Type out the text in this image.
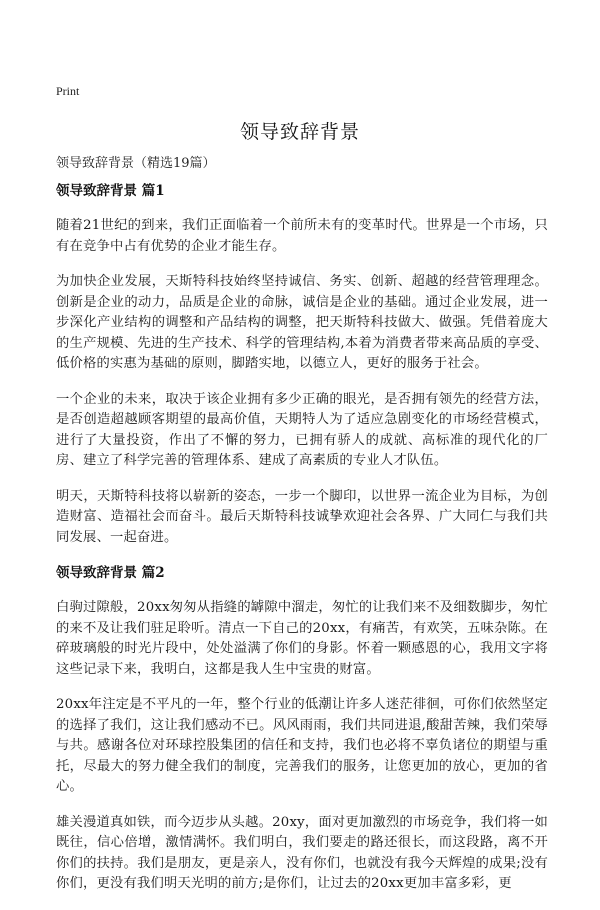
Print
领导致辞背景
领导致辞背景（精选19篇）
领导致辞背景 篇1

随着21世纪的到来，我们正面临着一个前所未有的变革时代。世界是一个市场，只有在竞争中占有优势的企业才能生存。

为加快企业发展，天斯特科技始终坚持诚信、务实、创新、超越的经营管理理念。创新是企业的动力，品质是企业的命脉，诚信是企业的基础。通过企业发展，进一步深化产业结构的调整和产品结构的调整，把天斯特科技做大、做强。凭借着庞大的生产规模、先进的生产技术、科学的管理结构,本着为消费者带来高品质的享受、低价格的实惠为基础的原则，脚踏实地，以德立人，更好的服务于社会。

一个企业的未来，取决于该企业拥有多少正确的眼光，是否拥有领先的经营方法，是否创造超越顾客期望的最高价值，天期特人为了适应急剧变化的市场经营模式，进行了大量投资，作出了不懈的努力，已拥有骄人的成就、高标准的现代化的厂房、建立了科学完善的管理体系、建成了高素质的专业人才队伍。

明天，天斯特科技将以崭新的姿态，一步一个脚印，以世界一流企业为目标，为创造财富、造福社会而奋斗。最后天斯特科技诚挚欢迎社会各界、广大同仁与我们共同发展、一起奋进。

领导致辞背景 篇2

白驹过隙般，20xx匆匆从指缝的罅隙中溜走，匆忙的让我们来不及细数脚步，匆忙的来不及让我们驻足聆听。清点一下自己的20xx，有痛苦，有欢笑，五味杂陈。在碎玻璃般的时光片段中，处处溢满了你们的身影。怀着一颗感恩的心，我用文字将这些记录下来，我明白，这都是我人生中宝贵的财富。

20xx年注定是不平凡的一年，整个行业的低潮让许多人迷茫徘徊，可你们依然坚定的选择了我们，这让我们感动不已。风风雨雨，我们共同进退,酸甜苦辣，我们荣辱与共。感谢各位对环球控股集团的信任和支持，我们也必将不辜负诸位的期望与重托，尽最大的努力健全我们的制度，完善我们的服务，让您更加的放心，更加的省心。

雄关漫道真如铁，而今迈步从头越。20xy，面对更加激烈的市场竞争，我们将一如既往，信心倍增，激情满怀。我们明白，我们要走的路还很长，而这段路，离不开你们的扶持。我们是朋友，更是亲人，没有你们，也就没有我今天辉煌的成果;没有你们，更没有我们明天光明的前方;是你们，让过去的20xx更加丰富多彩，更
